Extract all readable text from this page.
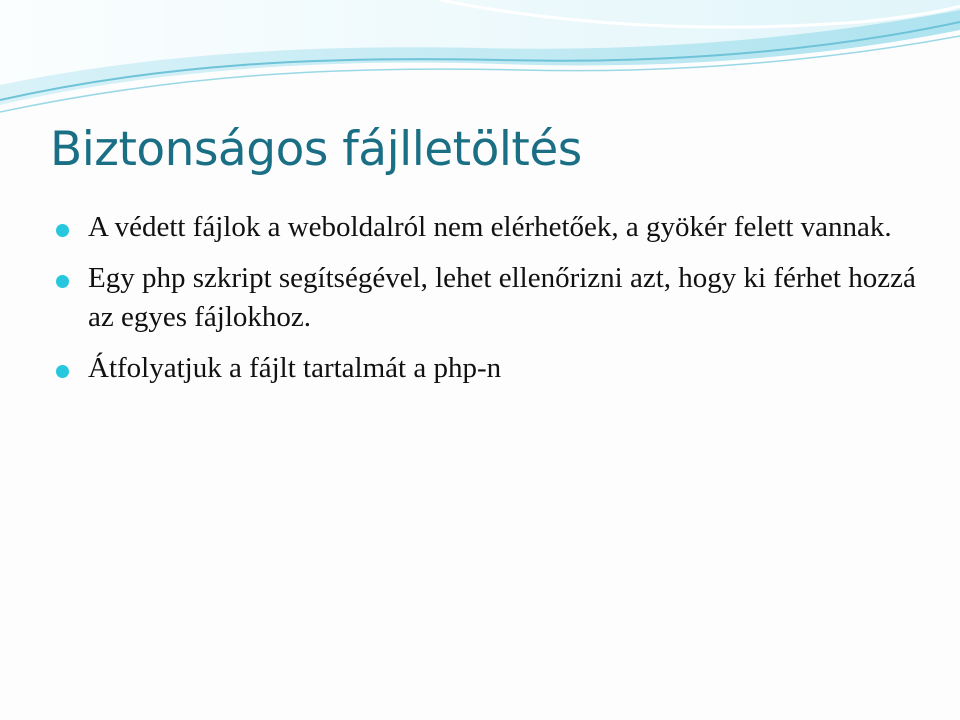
Biztonságos fájlletöltés
A védett fájlok a weboldalról nem elérhetőek, a gyökér felett vannak.
Egy php szkript segítségével, lehet ellenőrizni azt, hogy ki férhet hozzá az egyes fájlokhoz.
Átfolyatjuk a fájlt tartalmát a php-n
